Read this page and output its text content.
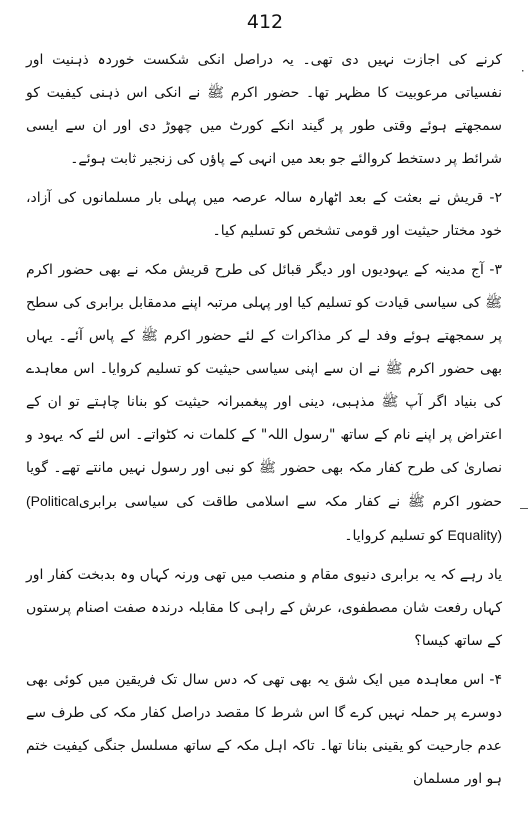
412
٠

کرنے کی اجازت نہیں دی تھی۔ یہ دراصل انکی شکست خوردہ ذہنیت اور نفسیاتی مرعوبیت کا مظہر تھا۔ حضور اکرم ﷺ نے انکی اس ذہنی کیفیت کو سمجھتے ہوئے وقتی طور پر گیند انکے کورٹ میں چھوڑ دی اور ان سے ایسی شرائط پر دستخط کروالئے جو بعد میں انہی کے پاؤں کی زنجیر ثابت ہوئے۔

۲- قریش نے بعثت کے بعد اٹھارہ سالہ عرصہ میں پہلی بار مسلمانوں کی آزاد، خود مختار حیثیت اور قومی تشخص کو تسلیم کیا۔

۳- آج مدینہ کے یہودیوں اور دیگر قبائل کی طرح قریش مکہ نے بھی حضور اکرم ﷺ کی سیاسی قیادت کو تسلیم کیا اور پہلی مرتبہ اپنے مدمقابل برابری کی سطح پر سمجھتے ہوئے وفد لے کر مذاکرات کے لئے حضور اکرم ﷺ کے پاس آئے۔ یہاں بھی حضور اکرم ﷺ نے ان سے اپنی سیاسی حیثیت کو تسلیم کروایا۔ اس معاہدے کی بنیاد اگر آپ ﷺ مذہبی، دینی اور پیغمبرانہ حیثیت کو بنانا چاہتے تو ان کے اعتراض پر اپنے نام کے ساتھ "رسول اللہ" کے کلمات نہ کٹواتے۔ اس لئے کہ یہود و نصاریٰ کی طرح کفار مکہ بھی حضور ﷺ کو نبی اور رسول نہیں مانتے تھے۔ گویا حضور اکرم ﷺ نے کفار مکہ سے اسلامی طاقت کی سیاسی برابری(Political Equality) کو تسلیم کروایا۔

یاد رہے کہ یہ برابری دنیوی مقام و منصب میں تھی ورنہ کہاں وہ بدبخت کفار اور کہاں رفعت شان مصطفوی، عرش کے راہی کا مقابلہ درندہ صفت اصنام پرستوں کے ساتھ کیسا؟

۴- اس معاہدہ میں ایک شق یہ بھی تھی کہ دس سال تک فریقین میں کوئی بھی دوسرے پر حملہ نہیں کرے گا اس شرط کا مقصد دراصل کفار مکہ کی طرف سے عدم جارحیت کو یقینی بنانا تھا۔ تاکہ اہل مکہ کے ساتھ مسلسل جنگی کیفیت ختم ہو اور مسلمان
